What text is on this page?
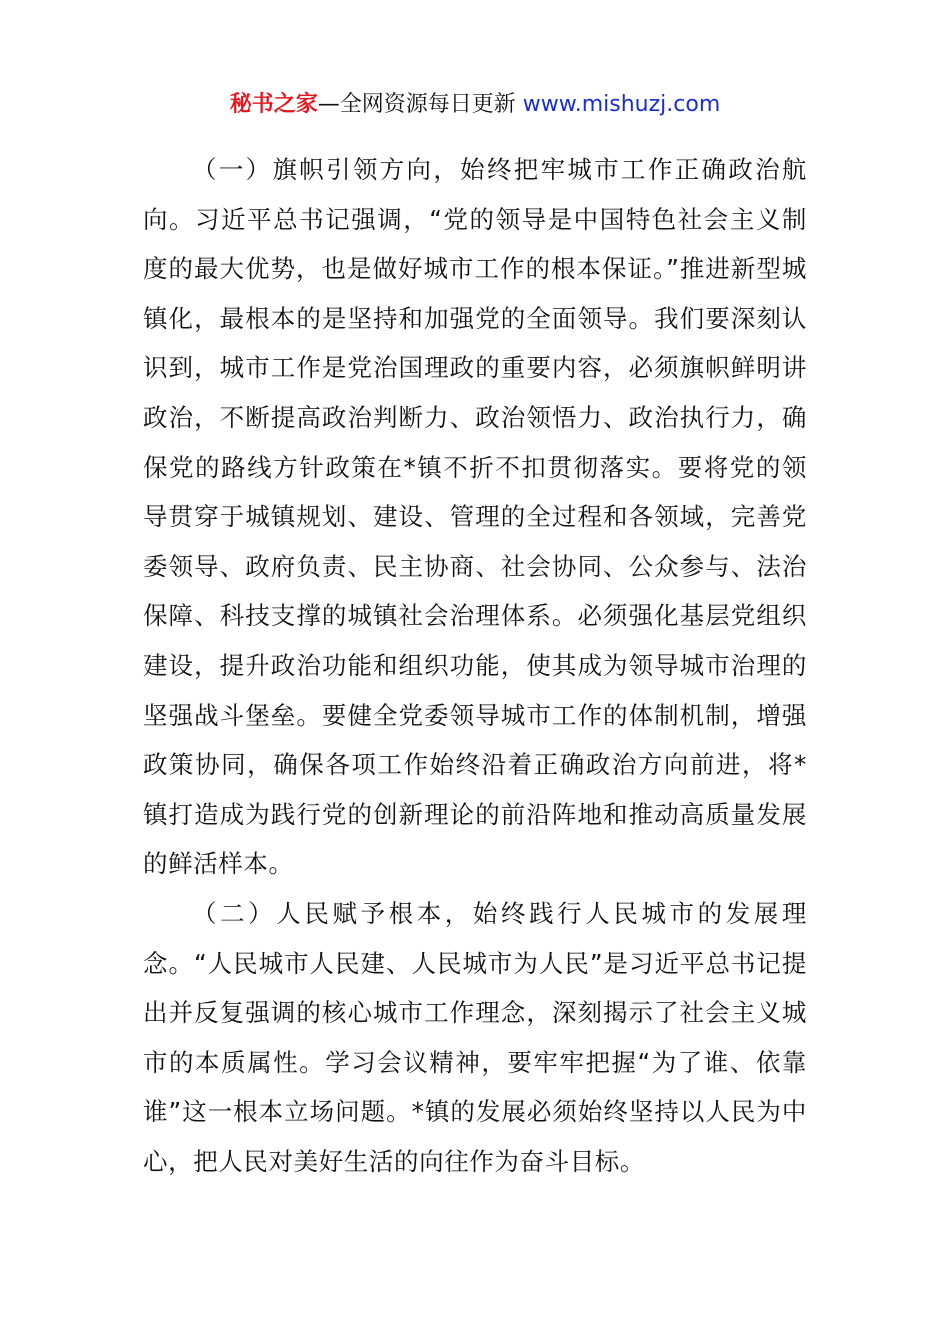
秘书之家—全网资源每日更新 www.mishuzj.com

（一）旗帜引领方向，始终把牢城市工作正确政治航向。习近平总书记强调，“党的领导是中国特色社会主义制度的最大优势，也是做好城市工作的根本保证。”推进新型城镇化，最根本的是坚持和加强党的全面领导。我们要深刻认识到，城市工作是党治国理政的重要内容，必须旗帜鲜明讲政治，不断提高政治判断力、政治领悟力、政治执行力，确保党的路线方针政策在*镇不折不扣贯彻落实。要将党的领导贯穿于城镇规划、建设、管理的全过程和各领域，完善党委领导、政府负责、民主协商、社会协同、公众参与、法治保障、科技支撑的城镇社会治理体系。必须强化基层党组织建设，提升政治功能和组织功能，使其成为领导城市治理的坚强战斗堡垒。要健全党委领导城市工作的体制机制，增强政策协同，确保各项工作始终沿着正确政治方向前进，将*镇打造成为践行党的创新理论的前沿阵地和推动高质量发展的鲜活样本。

（二）人民赋予根本，始终践行人民城市的发展理念。“人民城市人民建、人民城市为人民”是习近平总书记提出并反复强调的核心城市工作理念，深刻揭示了社会主义城市的本质属性。学习会议精神，要牢牢把握“为了谁、依靠谁”这一根本立场问题。*镇的发展必须始终坚持以人民为中心，把人民对美好生活的向往作为奋斗目标。
